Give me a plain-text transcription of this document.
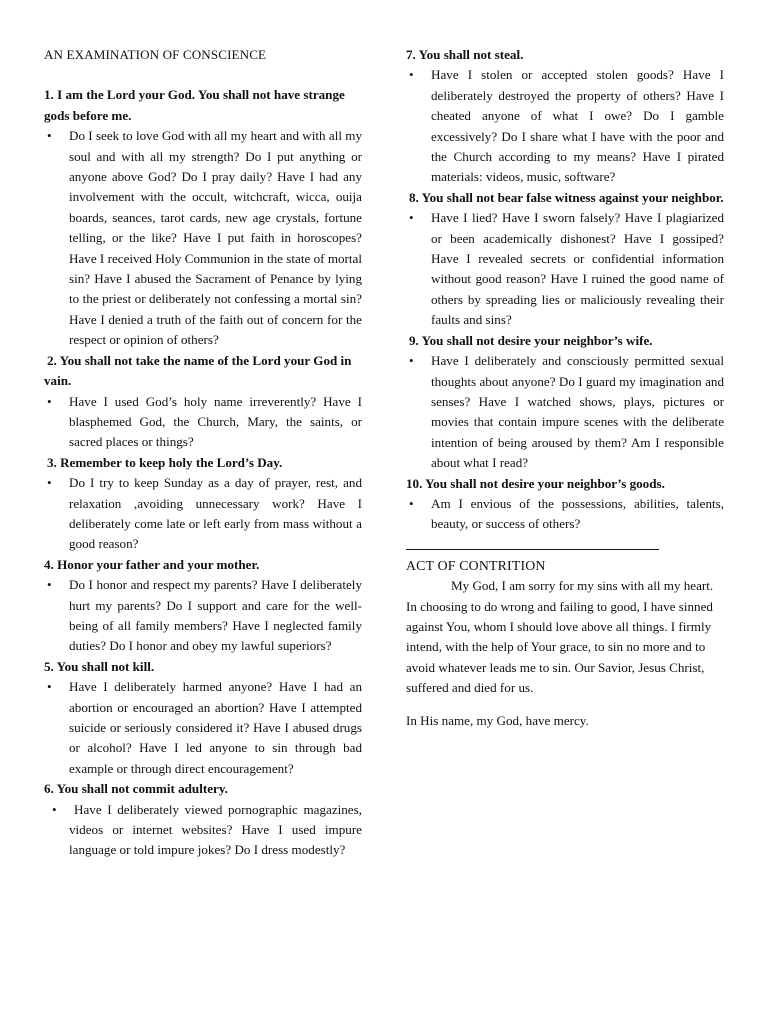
AN EXAMINATION OF CONSCIENCE

1. I am the Lord your God. You shall not have strange gods before me.

• Do I seek to love God with all my heart and with all my soul and with all my strength? Do I put anything or anyone above God? Do I pray daily? Have I had any involvement with the occult, witchcraft, wicca, ouija boards, seances, tarot cards, new age crystals, fortune telling, or the like? Have I put faith in horoscopes? Have I received Holy Communion in the state of mortal sin? Have I abused the Sacrament of Penance by lying to the priest or deliberately not confessing a mortal sin? Have I denied a truth of the faith out of concern for the respect or opinion of others?

2. You shall not take the name of the Lord your God in vain.

• Have I used God’s holy name irreverently? Have I blasphemed God, the Church, Mary, the saints, or sacred places or things?

3. Remember to keep holy the Lord’s Day.

• Do I try to keep Sunday as a day of prayer, rest, and relaxation ,avoiding unnecessary work? Have I deliberately come late or left early from mass without a good reason?

4. Honor your father and your mother.

• Do I honor and respect my parents? Have I deliberately hurt my parents? Do I support and care for the well-being of all family members? Have I neglected family duties? Do I honor and obey my lawful superiors?

5. You shall not kill.

• Have I deliberately harmed anyone? Have I had an abortion or encouraged an abortion? Have I attempted suicide or seriously considered it? Have I abused drugs or alcohol? Have I led anyone to sin through bad example or through direct encouragement?

6. You shall not commit adultery.

• Have I deliberately viewed pornographic magazines, videos or internet websites? Have I used impure language or told impure jokes? Do I dress modestly?

7. You shall not steal.

• Have I stolen or accepted stolen goods? Have I deliberately destroyed the property of others? Have I cheated anyone of what I owe? Do I gamble excessively? Do I share what I have with the poor and the Church according to my means? Have I pirated materials: videos, music, software?

8. You shall not bear false witness against your neighbor.

• Have I lied? Have I sworn falsely? Have I plagiarized or been academically dishonest? Have I gossiped? Have I revealed secrets or confidential information without good reason? Have I ruined the good name of others by spreading lies or maliciously revealing their faults and sins?

9. You shall not desire your neighbor’s wife.

• Have I deliberately and consciously permitted sexual thoughts about anyone? Do I guard my imagination and senses? Have I watched shows, plays, pictures or movies that contain impure scenes with the deliberate intention of being aroused by them? Am I responsible about what I read?

10. You shall not desire your neighbor’s goods.

• Am I envious of the possessions, abilities, talents, beauty, or success of others?

ACT OF CONTRITION

My God, I am sorry for my sins with all my heart. In choosing to do wrong and failing to good, I have sinned against You, whom I should love above all things. I firmly intend, with the help of Your grace, to sin no more and to avoid whatever leads me to sin. Our Savior, Jesus Christ, suffered and died for us.

In His name, my God, have mercy.
